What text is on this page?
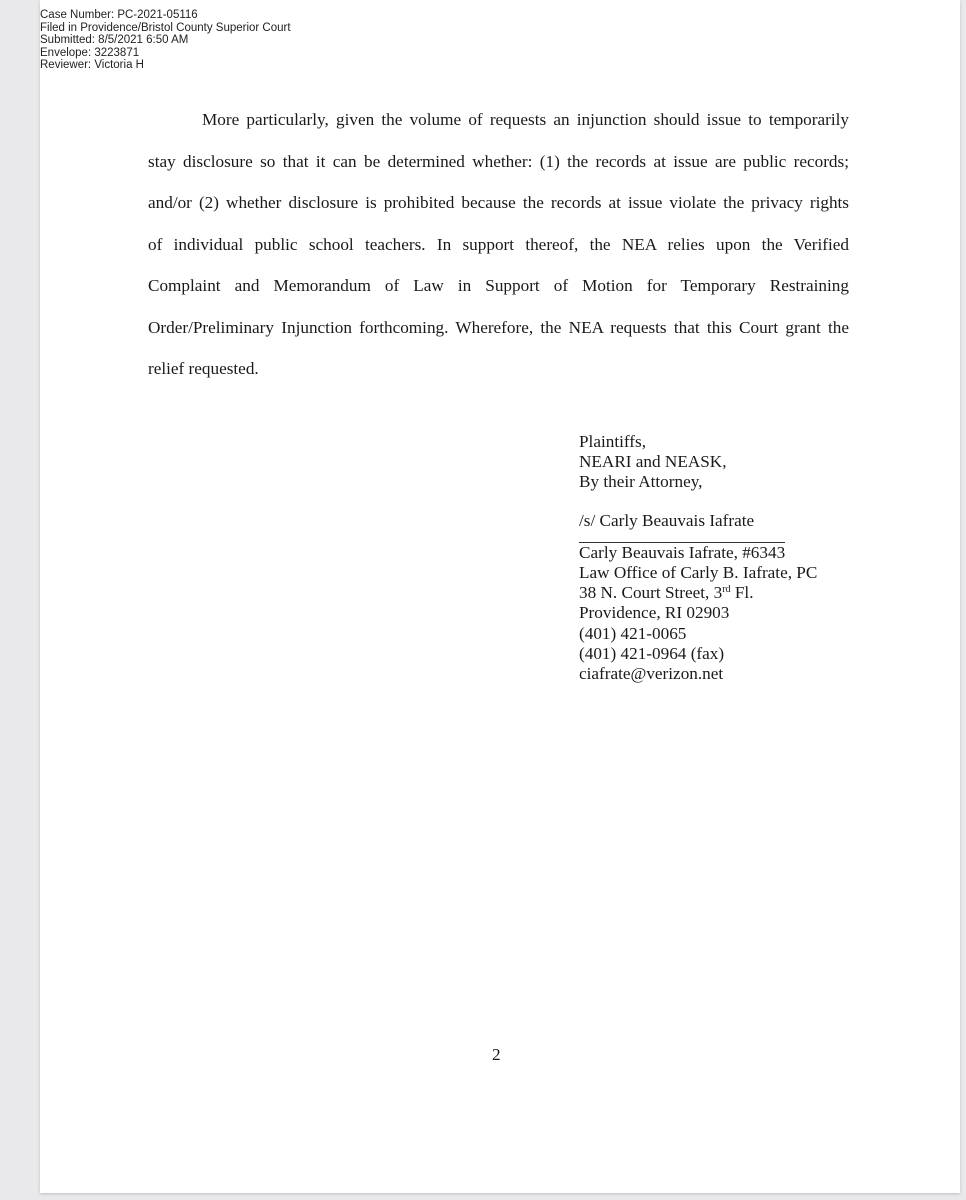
Case Number: PC-2021-05116
Filed in Providence/Bristol County Superior Court
Submitted: 8/5/2021 6:50 AM
Envelope: 3223871
Reviewer: Victoria H
More particularly, given the volume of requests an injunction should issue to temporarily
stay disclosure so that it can be determined whether: (1) the records at issue are public records;
and/or (2) whether disclosure is prohibited because the records at issue violate the privacy rights
of individual public school teachers. In support thereof, the NEA relies upon the Verified
Complaint and Memorandum of Law in Support of Motion for Temporary Restraining
Order/Preliminary Injunction forthcoming. Wherefore, the NEA requests that this Court grant the
relief requested.
Plaintiffs,
NEARI and NEASK,
By their Attorney,
/s/ Carly Beauvais Iafrate
Carly Beauvais Iafrate, #6343
Law Office of Carly B. Iafrate, PC
38 N. Court Street, 3rd Fl.
Providence, RI 02903
(401) 421-0065
(401) 421-0964 (fax)
ciafrate@verizon.net
2
